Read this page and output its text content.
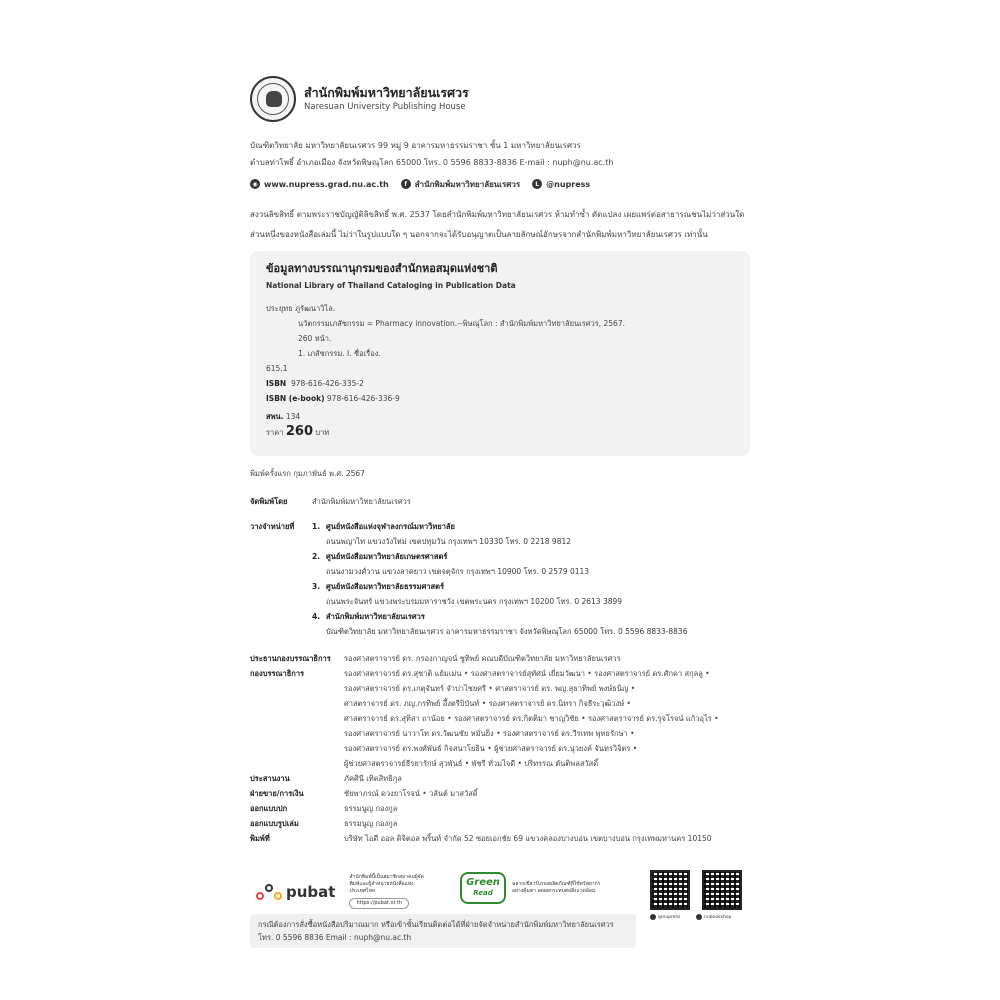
สำนักพิมพ์มหาวิทยาลัยนเรศวร
Naresuan University Publishing House
บัณฑิตวิทยาลัย มหาวิทยาลัยนเรศวร 99 หมู่ 9 อาคารมหาธรรมราชา ชั้น 1 มหาวิทยาลัยนเรศวร
ตำบลท่าโพธิ์ อำเภอเมือง จังหวัดพิษณุโลก 65000 โทร. 0 5596 8833-8836 E-mail : nuph@nu.ac.th
◉ www.nupress.grad.nu.ac.th	f สำนักพิมพ์มหาวิทยาลัยนเรศวร	L @nupress
สงวนลิขสิทธิ์ ตามพระราชบัญญัติลิขสิทธิ์ พ.ศ. 2537 โดยสำนักพิมพ์มหาวิทยาลัยนเรศวร ห้ามทำซ้ำ ดัดแปลง เผยแพร่ต่อสาธารณชนไม่ว่าส่วนใด
ส่วนหนึ่งของหนังสือเล่มนี้ ไม่ว่าในรูปแบบใด ๆ นอกจากจะได้รับอนุญาตเป็นลายลักษณ์อักษรจากสำนักพิมพ์มหาวิทยาลัยนเรศวร เท่านั้น
ข้อมูลทางบรรณานุกรมของสำนักหอสมุดแห่งชาติ
National Library of Thailand Cataloging in Publication Data
ประยุทธ ภูรัฒนาวิไล.
นวัตกรรมเภสัชกรรม = Pharmacy innovation.--พิษณุโลก : สำนักพิมพ์มหาวิทยาลัยนเรศวร, 2567.
260 หน้า.
1. เภสัชกรรม. I. ชื่อเรื่อง.
615.1
ISBN 978-616-426-335-2
ISBN (e-book) 978-616-426-336-9
สพน. 134
ราคา 260 บาท
พิมพ์ครั้งแรก กุมภาพันธ์ พ.ศ. 2567
จัดพิมพ์โดย	สำนักพิมพ์มหาวิทยาลัยนเรศวร
วางจำหน่ายที่	1. ศูนย์หนังสือแห่งจุฬาลงกรณ์มหาวิทยาลัย
ถนนพญาไท แขวงวังใหม่ เขตปทุมวัน กรุงเทพฯ 10330 โทร. 0 2218 9812
2. ศูนย์หนังสือมหาวิทยาลัยเกษตรศาสตร์
ถนนงามวงศ์วาน แขวงลาดยาว เขตจตุจักร กรุงเทพฯ 10900 โทร. 0 2579 0113
3. ศูนย์หนังสือมหาวิทยาลัยธรรมศาสตร์
ถนนพระจันทร์ แขวงพระบรมมหาราชวัง เขตพระนคร กรุงเทพฯ 10200 โทร. 0 2613 3899
4. สำนักพิมพ์มหาวิทยาลัยนเรศวร
บัณฑิตวิทยาลัย มหาวิทยาลัยนเรศวร อาคารมหาธรรมราชา จังหวัดพิษณุโลก 65000 โทร. 0 5596 8833-8836
ประธานกองบรรณาธิการ	รองศาสตราจารย์ ดร. กรองกาญจน์ ชูทิพย์ คณบดีบัณฑิตวิทยาลัย มหาวิทยาลัยนเรศวร
กองบรรณาธิการ	รองศาสตราจารย์ ดร.สุชาติ แย้มเม่น • รองศาสตราจารย์สุทัศน์ เยี่ยมวัฒนา • รองศาสตราจารย์ ดร.ศักดา สกุลลู •
รองศาสตราจารย์ ดร.เกตุจันทร์ จำปาไชยศรี • ศาสตราจารย์ ดร. พญ.สุธาทิพย์ พงษ์ธนิญ •
ศาสตราจารย์ ดร. ภญ.กรทิพย์ อึ้งตรีบิบันท์ • รองศาสตราจารย์ ดร.นิทรา กิจธีระวุฒิวงษ์ •
ศาสตราจารย์ ดร.สุทิสา ถาน้อย • รองศาสตราจารย์ ดร.กิตติมา ชาญวิชัย • รองศาสตราจารย์ ดร.รุจโรจน์ แก้วอุไร •
รองศาสตราจารย์ นาวาโท ดร.วัฒนชัย หมั่นยิ่ง • รองศาสตราจารย์ ดร.วีรเทพ พุทธรักษา •
รองศาสตราจารย์ ดร.พงศ์พันธ์ กิจสนาโยธิน • ผู้ช่วยศาสตราจารย์ ดร.นุวยงค์ จันทรวิจิตร •
ผู้ช่วยศาสตราจารย์ธีรยารักษ์ สุวพันธ์ • พัชรี ทั่วมไจดี • ปริทรรณ ตันติพลสวัสดิ์
ประสานงาน	ภัคศินี เทิดสิทธิกุล
ฝ่ายขาย/การเงิน	ชัยพาภรณ์ ดวงยาโรจน์ • วลันต์ มาสวัสดิ์
ออกแบบปก	ธรรมนูญ กองกูล
ออกแบบรูปเล่ม	ธรรมนูญ กองกูล
พิมพ์ที่	บริษัท ไอดี ออล ดิจิตอล พริ้นท์ จำกัด 52 ซอยเอกชัย 69 แขวงคลองบางบอน เขตบางบอน กรุงเทพมหานคร 10150
pubat
สำนักพิมพ์นี้เป็นสมาชิกสมาคมผู้จัดพิมพ์และผู้จำหน่ายหนังสือแห่งประเทศไทย
https://pubat.or.th
Green
Read
ฉลากเขียวรับรองผลิตภัณฑ์ที่ใช้ทรัพยากรอย่างคุ้มค่า ลดผลกระทบต่อสิ่งแวดล้อม
@nupress	nubookshop
กรณีต้องการสั่งซื้อหนังสือปริมาณมาก หรือเข้าชั้นเรียนติดต่อได้ที่ฝ่ายจัดจำหน่ายสำนักพิมพ์มหาวิทยาลัยนเรศวร
โทร. 0 5596 8836 Email : nuph@nu.ac.th
